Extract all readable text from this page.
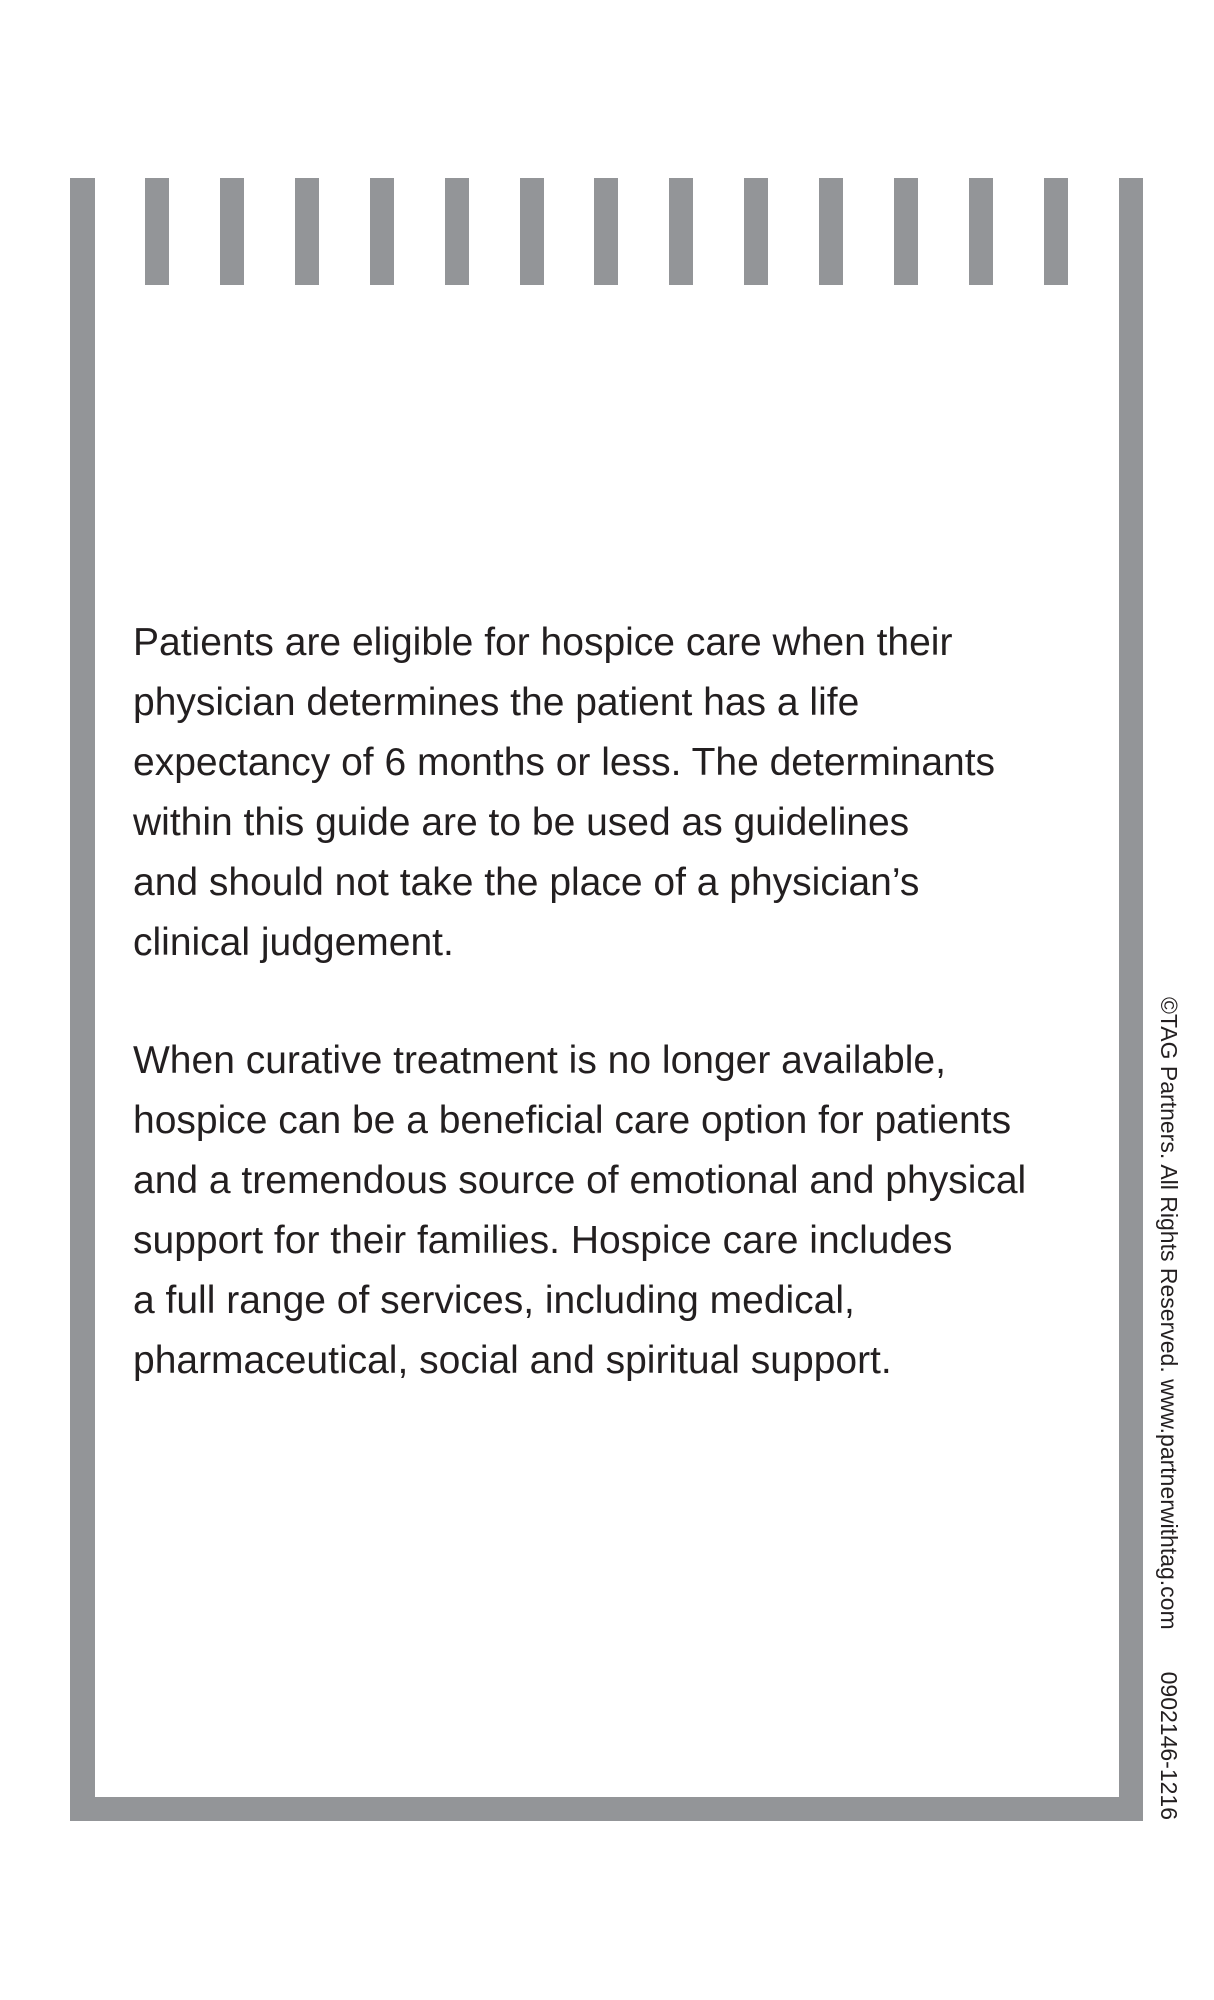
Patients are eligible for hospice care when their
physician determines the patient has a life
expectancy of 6 months or less. The determinants
within this guide are to be used as guidelines
and should not take the place of a physician’s
clinical judgement.
When curative treatment is no longer available,
hospice can be a beneficial care option for patients
and a tremendous source of emotional and physical
support for their families. Hospice care includes
a full range of services, including medical,
pharmaceutical, social and spiritual support.	©TAG Partners. All Rights Reserved. www.partnerwithtag.com0902146-1216
